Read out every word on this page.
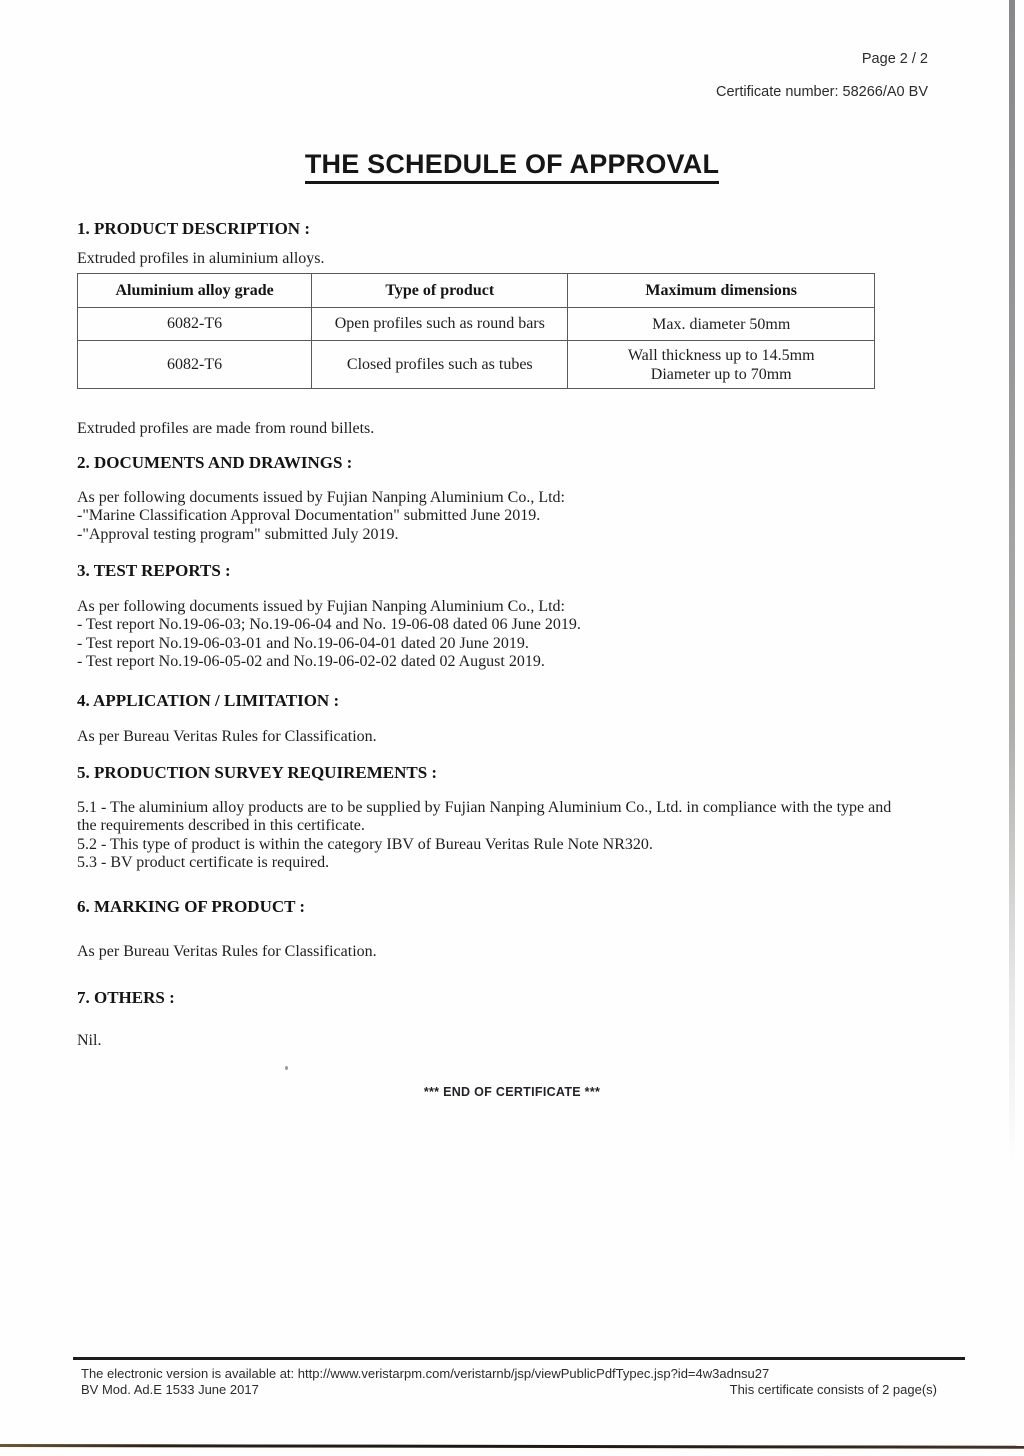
Page 2 / 2
Certificate number: 58266/A0 BV
THE SCHEDULE OF APPROVAL
1. PRODUCT DESCRIPTION :
Extruded profiles in aluminium alloys.
Aluminium alloy grade	Type of product	Maximum dimensions
6082-T6	Open profiles such as round bars	Max. diameter 50mm

6082-T6	Closed profiles such as tubes	Wall thickness up to 14.5mm
Diameter up to 70mm
Extruded profiles are made from round billets.
2. DOCUMENTS AND DRAWINGS :
As per following documents issued by Fujian Nanping Aluminium Co., Ltd:
-"Marine Classification Approval Documentation" submitted June 2019.
-"Approval testing program" submitted July 2019.
3. TEST REPORTS :
As per following documents issued by Fujian Nanping Aluminium Co., Ltd:
- Test report No.19-06-03; No.19-06-04 and No. 19-06-08 dated 06 June 2019.
- Test report No.19-06-03-01 and No.19-06-04-01 dated 20 June 2019.
- Test report No.19-06-05-02 and No.19-06-02-02 dated 02 August 2019.
4. APPLICATION / LIMITATION :
As per Bureau Veritas Rules for Classification.
5. PRODUCTION SURVEY REQUIREMENTS :
5.1 - The aluminium alloy products are to be supplied by Fujian Nanping Aluminium Co., Ltd. in compliance with the type and
the requirements described in this certificate.
5.2 - This type of product is within the category IBV of Bureau Veritas Rule Note NR320.
5.3 - BV product certificate is required.
6. MARKING OF PRODUCT :
As per Bureau Veritas Rules for Classification.
7. OTHERS :
Nil.
*** END OF CERTIFICATE ***
The electronic version is available at: http://www.veristarpm.com/veristarnb/jsp/viewPublicPdfTypec.jsp?id=4w3adnsu27
BV Mod. Ad.E 1533 June 2017	This certificate consists of 2 page(s)
